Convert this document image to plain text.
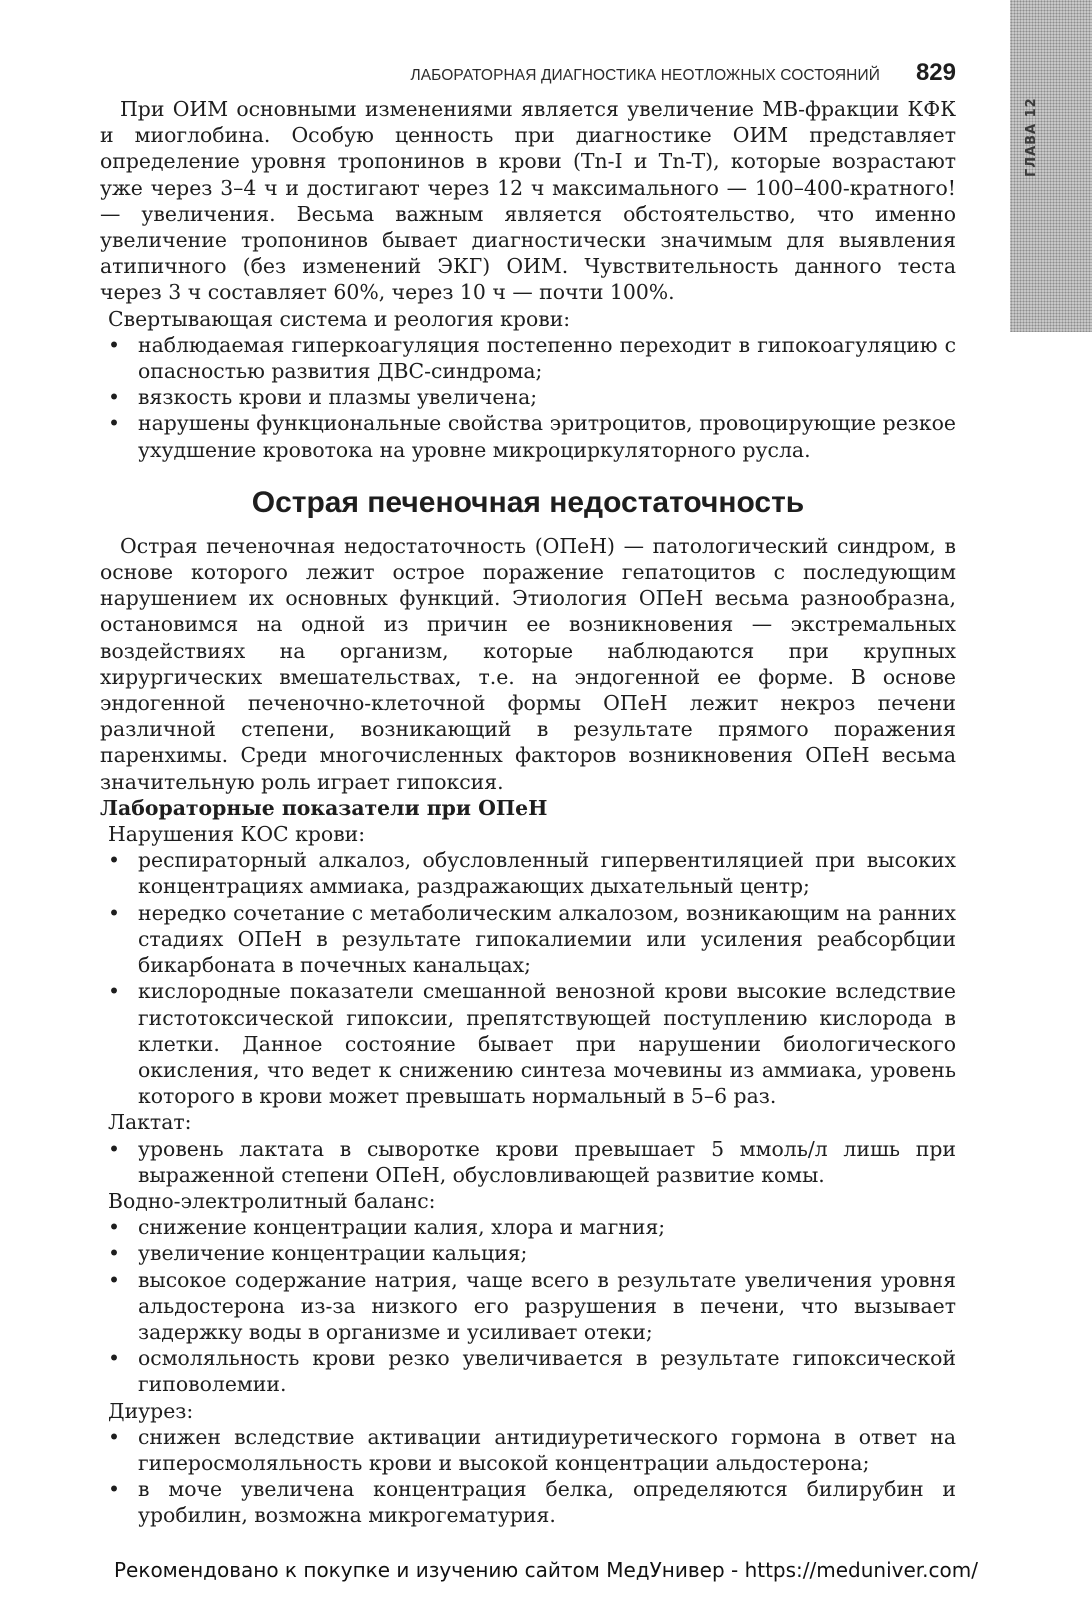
ГЛАВА 12
ЛАБОРАТОРНАЯ ДИАГНОСТИКА НЕОТЛОЖНЫХ СОСТОЯНИЙ 829

При ОИМ основными изменениями является увеличение МВ-фракции КФК и миоглобина. Особую ценность при диагностике ОИМ представляет определение уровня тропонинов в крови (Tn-I и Tn-T), которые возрастают уже через 3–4 ч и достигают через 12 ч максимального — 100–400-кратного! — увеличения. Весьма важным является обстоятельство, что именно увеличение тропонинов бывает диагностически значимым для выявления атипичного (без изменений ЭКГ) ОИМ. Чувствительность данного теста через 3 ч составляет 60%, через 10 ч — почти 100%.

Свертывающая система и реология крови:

• наблюдаемая гиперкоагуляция постепенно переходит в гипокоагуляцию с опасностью развития ДВС-синдрома;

• вязкость крови и плазмы увеличена;

• нарушены функциональные свойства эритроцитов, провоцирующие резкое ухудшение кровотока на уровне микроциркуляторного русла.

Острая печеночная недостаточность

Острая печеночная недостаточность (ОПеН) — патологический синдром, в основе которого лежит острое поражение гепатоцитов с последующим нарушением их основных функций. Этиология ОПеН весьма разнообразна, остановимся на одной из причин ее возникновения — экстремальных воздействиях на организм, которые наблюдаются при крупных хирургических вмешательствах, т.е. на эндогенной ее форме. В основе эндогенной печеночно-клеточной формы ОПеН лежит некроз печени различной степени, возникающий в результате прямого поражения паренхимы. Среди многочисленных факторов возникновения ОПеН весьма значительную роль играет гипоксия.

Лабораторные показатели при ОПеН

Нарушения КОС крови:

• респираторный алкалоз, обусловленный гипервентиляцией при высоких концентрациях аммиака, раздражающих дыхательный центр;

• нередко сочетание с метаболическим алкалозом, возникающим на ранних стадиях ОПеН в результате гипокалиемии или усиления реабсорбции бикарбоната в почечных канальцах;

• кислородные показатели смешанной венозной крови высокие вследствие гистотоксической гипоксии, препятствующей поступлению кислорода в клетки. Данное состояние бывает при нарушении биологического окисления, что ведет к снижению синтеза мочевины из аммиака, уровень которого в крови может превышать нормальный в 5–6 раз.

Лактат:

• уровень лактата в сыворотке крови превышает 5 ммоль/л лишь при выраженной степени ОПеН, обусловливающей развитие комы.

Водно-электролитный баланс:

• снижение концентрации калия, хлора и магния;

• увеличение концентрации кальция;

• высокое содержание натрия, чаще всего в результате увеличения уровня альдостерона из-за низкого его разрушения в печени, что вызывает задержку воды в организме и усиливает отеки;

• осмоляльность крови резко увеличивается в результате гипоксической гиповолемии.

Диурез:

• снижен вследствие активации антидиуретического гормона в ответ на гиперосмоляльность крови и высокой концентрации альдостерона;

• в моче увеличена концентрация белка, определяются билирубин и уробилин, возможна микрогематурия.

Рекомендовано к покупке и изучению сайтом МедУнивер - https://meduniver.com/
